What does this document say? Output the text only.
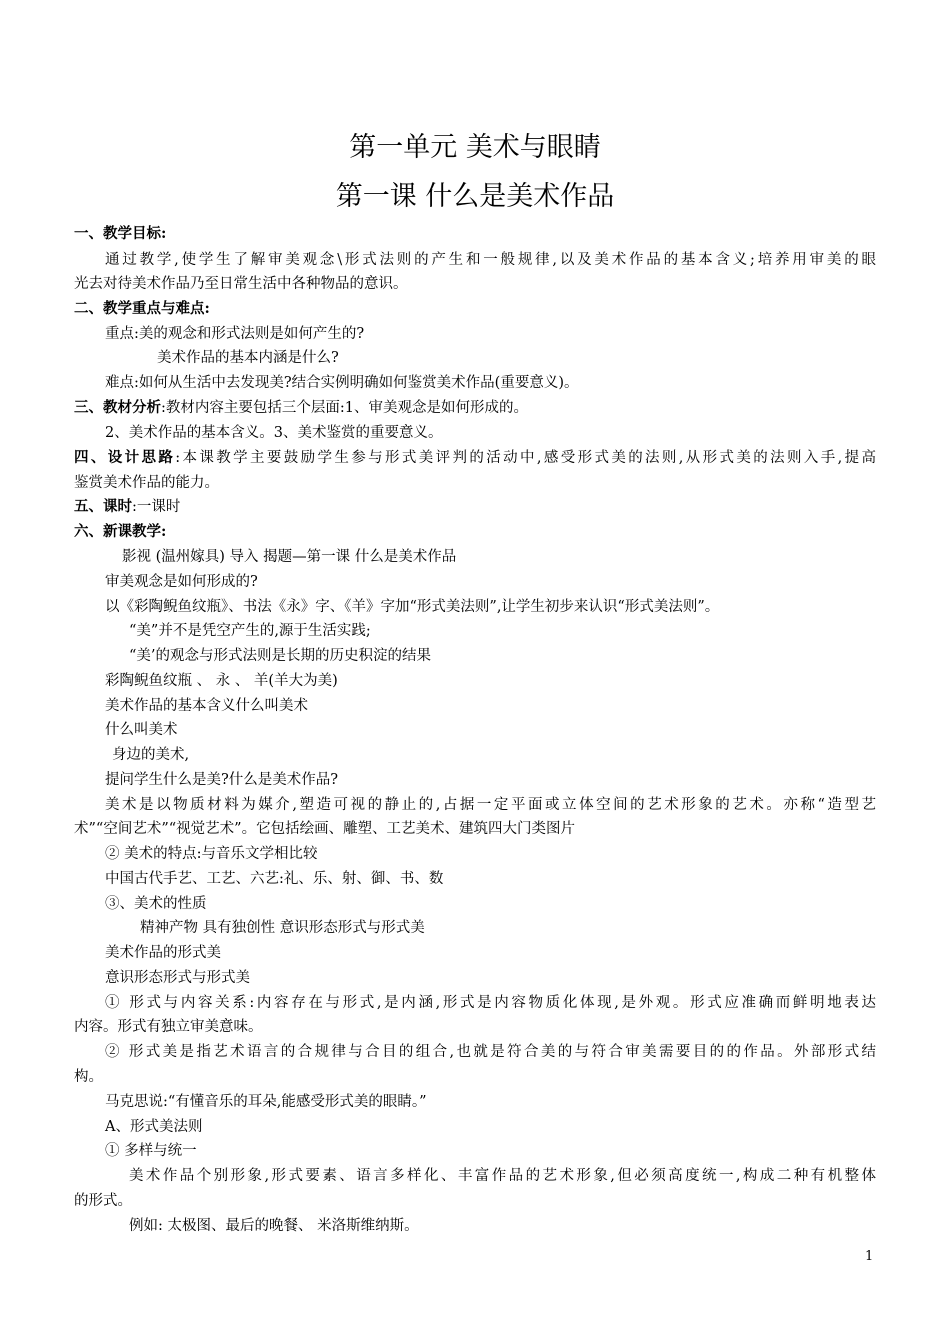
第一单元 美术与眼睛
第一课 什么是美术作品
一、教学目标:
通过教学,使学生了解审美观念\形式法则的产生和一般规律,以及美术作品的基本含义;培养用审美的眼
光去对待美术作品乃至日常生活中各种物品的意识。
二、教学重点与难点:
重点:美的观念和形式法则是如何产生的?
美术作品的基本内涵是什么?
难点:如何从生活中去发现美?结合实例明确如何鉴赏美术作品(重要意义)。
三、教材分析:教材内容主要包括三个层面:1、审美观念是如何形成的。
2、美术作品的基本含义。3、美术鉴赏的重要意义。
四、设计思路:本课教学主要鼓励学生参与形式美评判的活动中,感受形式美的法则,从形式美的法则入手,提高
鉴赏美术作品的能力。
五、课时:一课时
六、新课教学:
影视 (温州嫁具) 导入 揭题—第一课 什么是美术作品
审美观念是如何形成的?
以《彩陶鲵鱼纹瓶》、书法《永》字、《羊》字加“形式美法则”,让学生初步来认识“形式美法则”。
“美”并不是凭空产生的,源于生活实践;
“美’的观念与形式法则是长期的历史积淀的结果
彩陶鲵鱼纹瓶 、 永 、 羊(羊大为美)
美术作品的基本含义什么叫美术
什么叫美术
身边的美术,
提问学生什么是美?什么是美术作品?
美术是以物质材料为媒介,塑造可视的静止的,占据一定平面或立体空间的艺术形象的艺术。亦称“造型艺
术”“空间艺术”“视觉艺术”。它包括绘画、雕塑、工艺美术、建筑四大门类图片
② 美术的特点:与音乐文学相比较
中国古代手艺、工艺、六艺:礼、乐、射、御、书、数
③、美术的性质
精神产物 具有独创性 意识形态形式与形式美
美术作品的形式美
意识形态形式与形式美
① 形式与内容关系:内容存在与形式,是内涵,形式是内容物质化体现,是外观。形式应准确而鲜明地表达
内容。形式有独立审美意味。
② 形式美是指艺术语言的合规律与合目的组合,也就是符合美的与符合审美需要目的的作品。外部形式结
构。
马克思说:“有懂音乐的耳朵,能感受形式美的眼睛。”
A、形式美法则
① 多样与统一
美术作品个别形象,形式要素、语言多样化、丰富作品的艺术形象,但必须高度统一,构成二种有机整体
的形式。
例如: 太极图、最后的晚餐、 米洛斯维纳斯。
1
